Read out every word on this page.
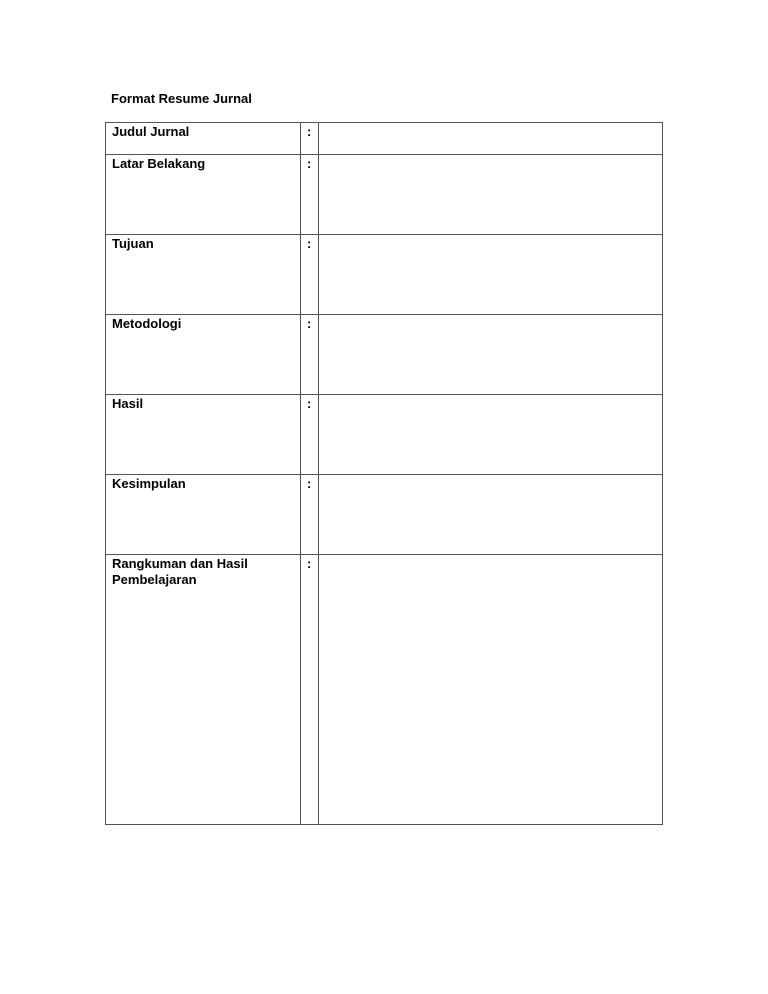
Format Resume Jurnal
Judul Jurnal	:	

Latar Belakang	:	

Tujuan	:	

Metodologi	:	

Hasil	:	

Kesimpulan	:	

Rangkuman dan Hasil Pembelajaran	:	
